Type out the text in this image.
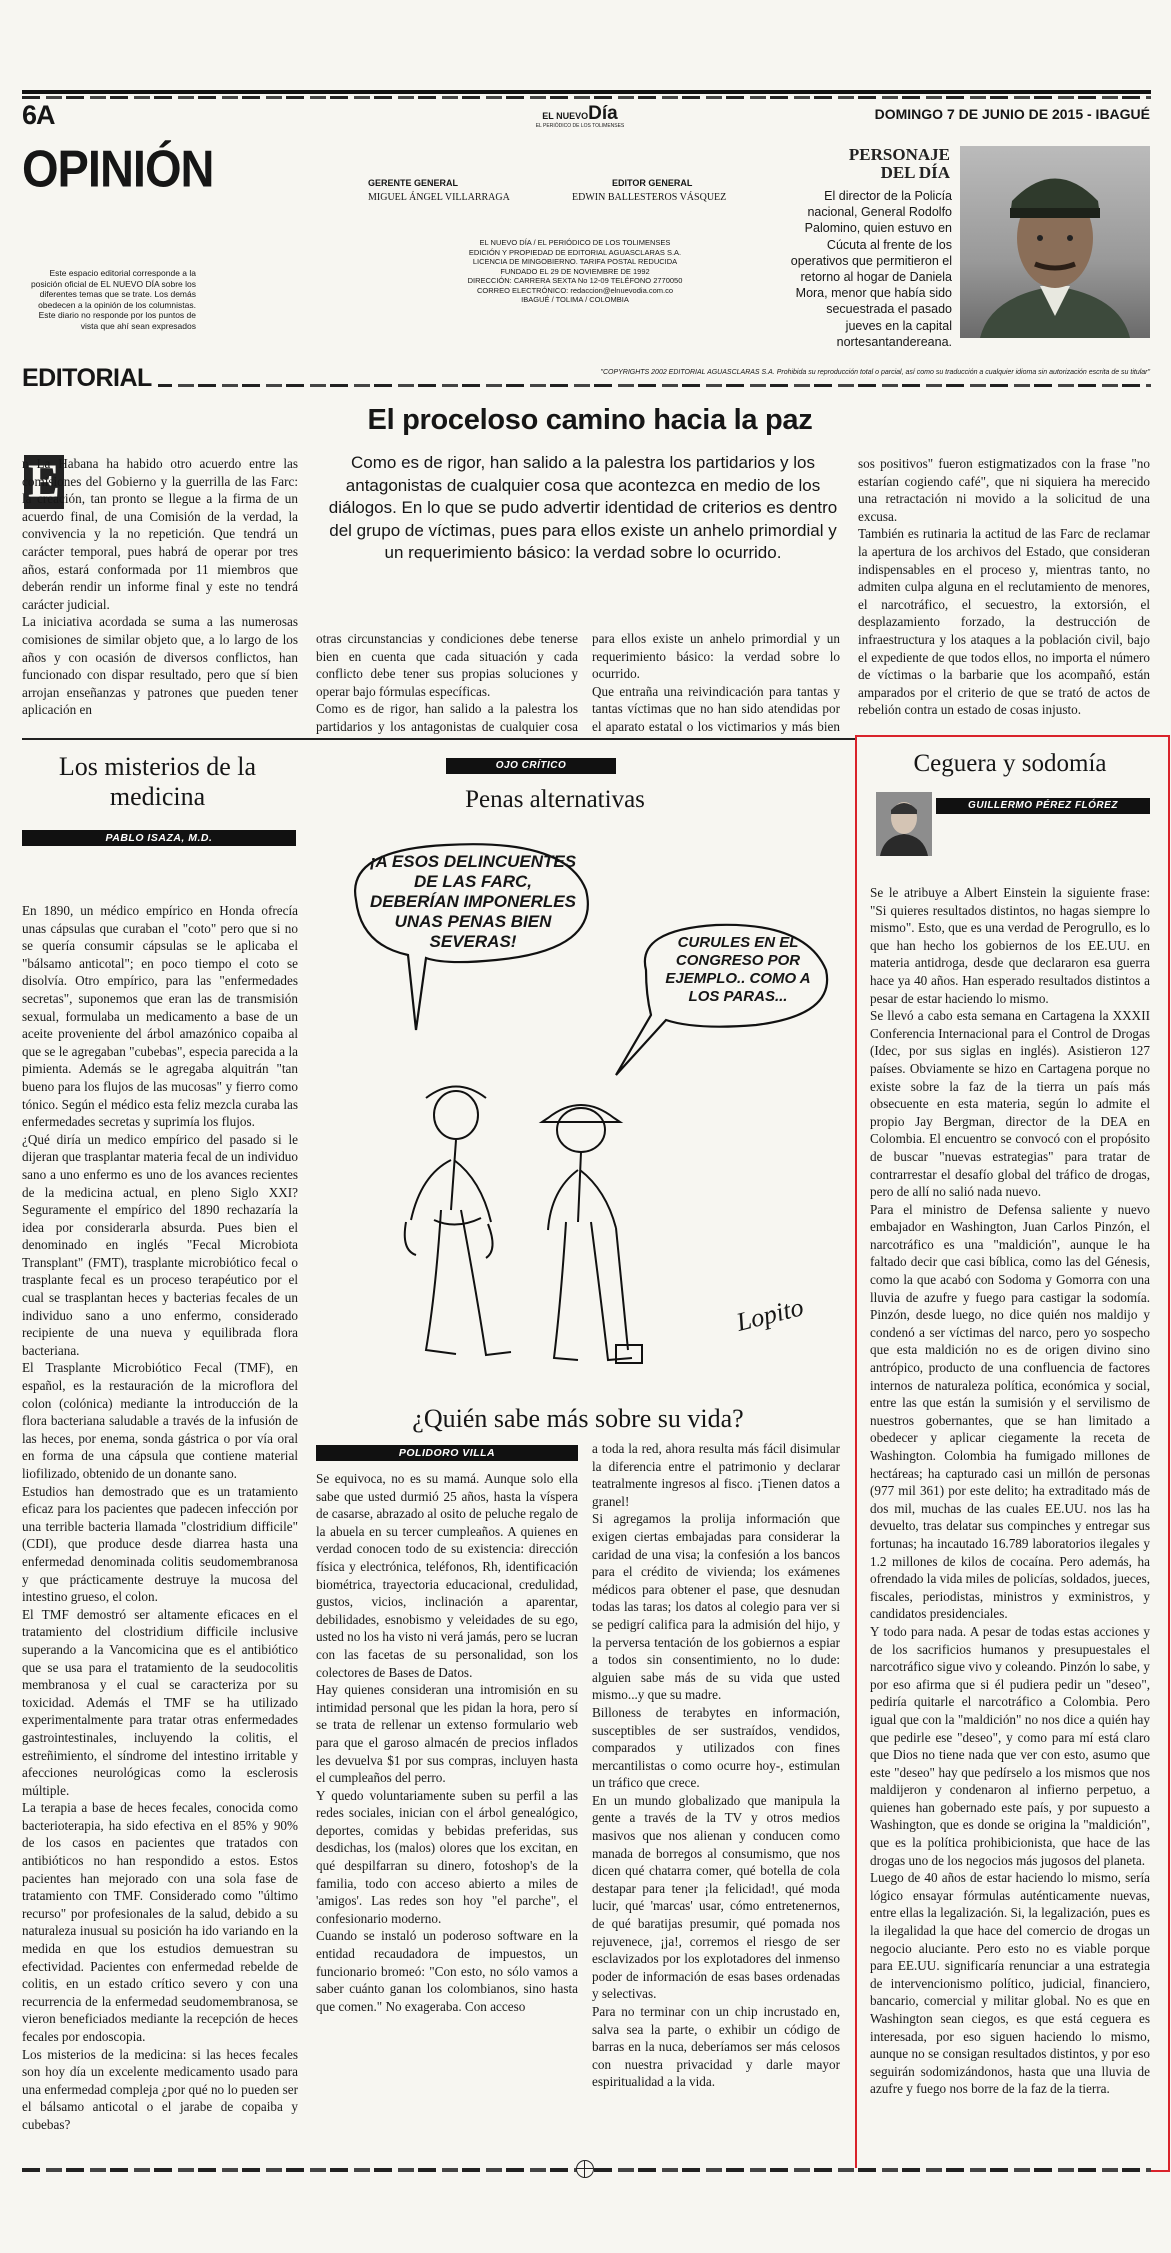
6A	EL NUEVODía
EL PERIÓDICO DE LOS TOLIMENSES
DOMINGO 7 DE JUNIO DE 2015 - IBAGUÉ
OPINIÓN
Este espacio editorial corresponde a la posición oficial de EL NUEVO DÍA sobre los diferentes temas que se trate. Los demás obedecen a la opinión de los columnistas. Este diario no responde por los puntos de vista que ahí sean expresados
GERENTE GENERAL
MIGUEL ÁNGEL VILLARRAGA
EDITOR GENERAL
EDWIN BALLESTEROS VÁSQUEZ
EL NUEVO DÍA / EL PERIÓDICO DE LOS TOLIMENSES
EDICIÓN Y PROPIEDAD DE EDITORIAL AGUASCLARAS S.A.
LICENCIA DE MINGOBIERNO. TARIFA POSTAL REDUCIDA
FUNDADO EL 29 DE NOVIEMBRE DE 1992
DIRECCIÓN: CARRERA SEXTA No 12-09 TELÉFONO 2770050
CORREO ELECTRÓNICO: redaccion@elnuevodia.com.co
IBAGUÉ / TOLIMA / COLOMBIA
PERSONAJE
DEL DÍA
El director de la Policía nacional, General Rodolfo Palomino, quien estuvo en Cúcuta al frente de los operativos que permitieron el retorno al hogar de Daniela Mora, menor que había sido secuestrada el pasado jueves en la capital nortesantandereana.
EDITORIAL	"COPYRIGHTS 2002 EDITORIAL AGUASCLARAS S.A. Prohibida su reproducción total o parcial, así como su traducción a cualquier idioma sin autorización escrita de su titular"
El proceloso camino hacia la paz
Como es de rigor, han salido a la palestra los partidarios y los antagonistas de cualquier cosa que acontezca en medio de los diálogos. En lo que se pudo advertir identidad de criterios es dentro del grupo de víctimas, pues para ellos existe un anhelo primordial y un requerimiento básico: la verdad sobre lo ocurrido.
E
n La Habana ha habido otro acuerdo entre las comisiones del Gobierno y la guerrilla de las Farc: la creación, tan pronto se llegue a la firma de un acuerdo final, de una Comisión de la verdad, la convivencia y la no repetición. Que tendrá un carácter temporal, pues habrá de operar por tres años, estará conformada por 11 miembros que deberán rendir un informe final y este no tendrá carácter judicial.
La iniciativa acordada se suma a las numerosas comisiones de similar objeto que, a lo largo de los años y con ocasión de diversos conflictos, han funcionado con dispar resultado, pero que sí bien arrojan enseñanzas y patrones que pueden tener aplicación en
otras circunstancias y condiciones debe tenerse bien en cuenta que cada situación y cada conflicto debe tener sus propias soluciones y operar bajo fórmulas específicas.
Como es de rigor, han salido a la palestra los partidarios y los antagonistas de cualquier cosa
para ellos existe un anhelo primordial y un requerimiento básico: la verdad sobre lo ocurrido.
Que entraña una reivindicación para tantas y tantas víctimas que no han sido atendidas por el aparato estatal o los victimarios y más bien
sos positivos" fueron estigmatizados con la frase "no estarían cogiendo café", que ni siquiera ha merecido una retractación ni movido a la solicitud de una excusa.
También es rutinaria la actitud de las Farc de reclamar la apertura de los archivos del Estado, que consideran indispensables en el proceso y, mientras tanto, no admiten culpa alguna en el reclutamiento de menores, el narcotráfico, el secuestro, la extorsión, el desplazamiento forzado, la destrucción de infraestructura y los ataques a la población civil, bajo el expediente de que todos ellos, no importa el número de víctimas o la barbarie que los acompañó, están amparados por el criterio de que se trató de actos de rebelión contra un estado de cosas injusto.
Los misterios de la medicina
PABLO ISAZA, M.D.
En 1890, un médico empírico en Honda ofrecía unas cápsulas que curaban el "coto" pero que si no se quería consumir cápsulas se le aplicaba el "bálsamo anticotal"; en poco tiempo el coto se disolvía. Otro empírico, para las "enfermedades secretas", suponemos que eran las de transmisión sexual, formulaba un medicamento a base de un aceite proveniente del árbol amazónico copaiba al que se le agregaban "cubebas", especia parecida a la pimienta. Además se le agregaba alquitrán "tan bueno para los flujos de las mucosas" y fierro como tónico. Según el médico esta feliz mezcla curaba las enfermedades secretas y suprimía los flujos.
¿Qué diría un medico empírico del pasado si le dijeran que trasplantar materia fecal de un individuo sano a uno enfermo es uno de los avances recientes de la medicina actual, en pleno Siglo XXI? Seguramente el empírico del 1890 rechazaría la idea por considerarla absurda. Pues bien el denominado en inglés "Fecal Microbiota Transplant" (FMT), trasplante microbiótico fecal o trasplante fecal es un proceso terapéutico por el cual se trasplantan heces y bacterias fecales de un individuo sano a uno enfermo, considerado recipiente de una nueva y equilibrada flora bacteriana.
El Trasplante Microbiótico Fecal (TMF), en español, es la restauración de la microflora del colon (colónica) mediante la introducción de la flora bacteriana saludable a través de la infusión de las heces, por enema, sonda gástrica o por vía oral en forma de una cápsula que contiene material liofilizado, obtenido de un donante sano.
Estudios han demostrado que es un tratamiento eficaz para los pacientes que padecen infección por una terrible bacteria llamada "clostridium difficile" (CDI), que produce desde diarrea hasta una enfermedad denominada colitis seudomembranosa y que prácticamente destruye la mucosa del intestino grueso, el colon.
El TMF demostró ser altamente eficaces en el tratamiento del clostridium difficile inclusive superando a la Vancomicina que es el antibiótico que se usa para el tratamiento de la seudocolitis membranosa y el cual se caracteriza por su toxicidad. Además el TMF se ha utilizado experimentalmente para tratar otras enfermedades gastrointestinales, incluyendo la colitis, el estreñimiento, el síndrome del intestino irritable y afecciones neurológicas como la esclerosis múltiple.
La terapia a base de heces fecales, conocida como bacterioterapia, ha sido efectiva en el 85% y 90% de los casos en pacientes que tratados con antibióticos no han respondido a estos. Estos pacientes han mejorado con una sola fase de tratamiento con TMF. Considerado como "último recurso" por profesionales de la salud, debido a su naturaleza inusual su posición ha ido variando en la medida en que los estudios demuestran su efectividad. Pacientes con enfermedad rebelde de colitis, en un estado crítico severo y con una recurrencia de la enfermedad seudomembranosa, se vieron beneficiados mediante la recepción de heces fecales por endoscopia.
Los misterios de la medicina: si las heces fecales son hoy día un excelente medicamento usado para una enfermedad compleja ¿por qué no lo pueden ser el bálsamo anticotal o el jarabe de copaiba y cubebas?
OJO CRÍTICO
Penas alternativas
¡A ESOS DELINCUENTES DE LAS FARC, DEBERÍAN IMPONERLES UNAS PENAS BIEN SEVERAS!	CURULES EN EL CONGRESO POR EJEMPLO.. COMO A LOS PARAS...
Lopito
¿Quién sabe más sobre su vida?
POLIDORO VILLA
Se equivoca, no es su mamá. Aunque solo ella sabe que usted durmió 25 años, hasta la víspera de casarse, abrazado al osito de peluche regalo de la abuela en su tercer cumpleaños. A quienes en verdad conocen todo de su existencia: dirección física y electrónica, teléfonos, Rh, identificación biométrica, trayectoria educacional, credulidad, gustos, vicios, inclinación a aparentar, debilidades, esnobismo y veleidades de su ego, usted no los ha visto ni verá jamás, pero se lucran con las facetas de su personalidad, son los colectores de Bases de Datos.
Hay quienes consideran una intromisión en su intimidad personal que les pidan la hora, pero sí se trata de rellenar un extenso formulario web para que el garoso almacén de precios inflados les devuelva $1 por sus compras, incluyen hasta el cumpleaños del perro.
Y quedo voluntariamente suben su perfil a las redes sociales, inician con el árbol genealógico, deportes, comidas y bebidas preferidas, sus desdichas, los (malos) olores que los excitan, en qué despilfarran su dinero, fotoshop's de la familia, todo con acceso abierto a miles de 'amigos'. Las redes son hoy "el parche", el confesionario moderno.
Cuando se instaló un poderoso software en la entidad recaudadora de impuestos, un funcionario bromeó: "Con esto, no sólo vamos a saber cuánto ganan los colombianos, sino hasta que comen." No exageraba. Con acceso
a toda la red, ahora resulta más fácil disimular la diferencia entre el patrimonio y declarar teatralmente ingresos al fisco. ¡Tienen datos a granel!
Si agregamos la prolija información que exigen ciertas embajadas para considerar la caridad de una visa; la confesión a los bancos para el crédito de vivienda; los exámenes médicos para obtener el pase, que desnudan todas las taras; los datos al colegio para ver si se pedigrí califica para la admisión del hijo, y la perversa tentación de los gobiernos a espiar a todos sin consentimiento, no lo dude: alguien sabe más de su vida que usted mismo...y que su madre.
Billoness de terabytes en información, susceptibles de ser sustraídos, vendidos, comparados y utilizados con fines mercantilistas o como ocurre hoy-, estimulan un tráfico que crece.
En un mundo globalizado que manipula la gente a través de la TV y otros medios masivos que nos alienan y conducen como manada de borregos al consumismo, que nos dicen qué chatarra comer, qué botella de cola destapar para tener ¡la felicidad!, qué moda lucir, qué 'marcas' usar, cómo entretenernos, de qué baratijas presumir, qué pomada nos rejuvenece, ¡ja!, corremos el riesgo de ser esclavizados por los explotadores del inmenso poder de información de esas bases ordenadas y selectivas.
Para no terminar con un chip incrustado en, salva sea la parte, o exhibir un código de barras en la nuca, deberíamos ser más celosos con nuestra privacidad y darle mayor espiritualidad a la vida.
Ceguera y sodomía
GUILLERMO PÉREZ FLÓREZ
Se le atribuye a Albert Einstein la siguiente frase: "Si quieres resultados distintos, no hagas siempre lo mismo". Esto, que es una verdad de Perogrullo, es lo que han hecho los gobiernos de los EE.UU. en materia antidroga, desde que declararon esa guerra hace ya 40 años. Han esperado resultados distintos a pesar de estar haciendo lo mismo.
Se llevó a cabo esta semana en Cartagena la XXXII Conferencia Internacional para el Control de Drogas (Idec, por sus siglas en inglés). Asistieron 127 países. Obviamente se hizo en Cartagena porque no existe sobre la faz de la tierra un país más obsecuente en esta materia, según lo admite el propio Jay Bergman, director de la DEA en Colombia. El encuentro se convocó con el propósito de buscar "nuevas estrategias" para tratar de contrarrestar el desafío global del tráfico de drogas, pero de allí no salió nada nuevo.
Para el ministro de Defensa saliente y nuevo embajador en Washington, Juan Carlos Pinzón, el narcotráfico es una "maldición", aunque le ha faltado decir que casi bíblica, como las del Génesis, como la que acabó con Sodoma y Gomorra con una lluvia de azufre y fuego para castigar la sodomía. Pinzón, desde luego, no dice quién nos maldijo y condenó a ser víctimas del narco, pero yo sospecho que esta maldición no es de origen divino sino antrópico, producto de una confluencia de factores internos de naturaleza política, económica y social, entre las que están la sumisión y el servilismo de nuestros gobernantes, que se han limitado a obedecer y aplicar ciegamente la receta de Washington. Colombia ha fumigado millones de hectáreas; ha capturado casi un millón de personas (977 mil 361) por este delito; ha extraditado más de dos mil, muchas de las cuales EE.UU. nos las ha devuelto, tras delatar sus compinches y entregar sus fortunas; ha incautado 16.789 laboratorios ilegales y 1.2 millones de kilos de cocaína. Pero además, ha ofrendado la vida miles de policías, soldados, jueces, fiscales, periodistas, ministros y exministros, y candidatos presidenciales.
Y todo para nada. A pesar de todas estas acciones y de los sacrificios humanos y presupuestales el narcotráfico sigue vivo y coleando. Pinzón lo sabe, y por eso afirma que si él pudiera pedir un "deseo", pediría quitarle el narcotráfico a Colombia. Pero igual que con la "maldición" no nos dice a quién hay que pedirle ese "deseo", y como para mí está claro que Dios no tiene nada que ver con esto, asumo que este "deseo" hay que pedírselo a los mismos que nos maldijeron y condenaron al infierno perpetuo, a quienes han gobernado este país, y por supuesto a Washington, que es donde se origina la "maldición", que es la política prohibicionista, que hace de las drogas uno de los negocios más jugosos del planeta.
Luego de 40 años de estar haciendo lo mismo, sería lógico ensayar fórmulas auténticamente nuevas, entre ellas la legalización. Si, la legalización, pues es la ilegalidad la que hace del comercio de drogas un negocio aluciante. Pero esto no es viable porque para EE.UU. significaría renunciar a una estrategia de intervencionismo político, judicial, financiero, bancario, comercial y militar global. No es que en Washington sean ciegos, es que está ceguera es interesada, por eso siguen haciendo lo mismo, aunque no se consigan resultados distintos, y por eso seguirán sodomizándonos, hasta que una lluvia de azufre y fuego nos borre de la faz de la tierra.
